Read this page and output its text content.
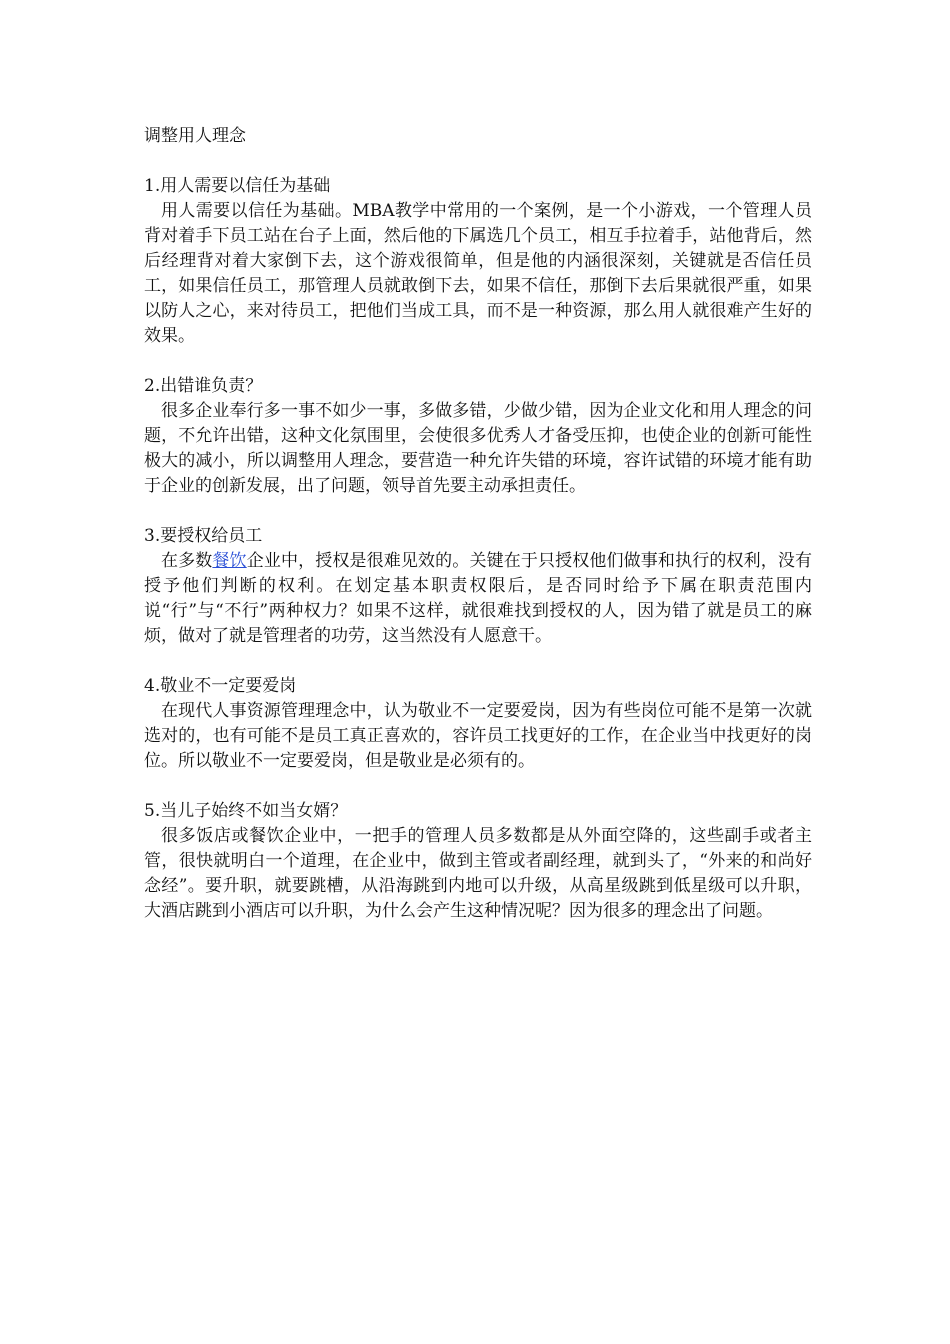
调整用人理念
1.用人需要以信任为基础
用人需要以信任为基础。MBA教学中常用的一个案例，是一个小游戏，一个管理人员背对着手下员工站在台子上面，然后他的下属选几个员工，相互手拉着手，站他背后，然后经理背对着大家倒下去，这个游戏很简单，但是他的内涵很深刻，关键就是否信任员工，如果信任员工，那管理人员就敢倒下去，如果不信任，那倒下去后果就很严重，如果以防人之心，来对待员工，把他们当成工具，而不是一种资源，那么用人就很难产生好的效果。
2.出错谁负责？
很多企业奉行多一事不如少一事，多做多错，少做少错，因为企业文化和用人理念的问题，不允许出错，这种文化氛围里，会使很多优秀人才备受压抑，也使企业的创新可能性极大的减小，所以调整用人理念，要营造一种允许失错的环境，容许试错的环境才能有助于企业的创新发展，出了问题，领导首先要主动承担责任。
3.要授权给员工
在多数餐饮企业中，授权是很难见效的。关键在于只授权他们做事和执行的权利，没有授予他们判断的权利。在划定基本职责权限后，是否同时给予下属在职责范围内说“行”与“不行”两种权力？如果不这样，就很难找到授权的人，因为错了就是员工的麻烦，做对了就是管理者的功劳，这当然没有人愿意干。
4.敬业不一定要爱岗
在现代人事资源管理理念中，认为敬业不一定要爱岗，因为有些岗位可能不是第一次就选对的，也有可能不是员工真正喜欢的，容许员工找更好的工作，在企业当中找更好的岗位。所以敬业不一定要爱岗，但是敬业是必须有的。
5.当儿子始终不如当女婿？
很多饭店或餐饮企业中，一把手的管理人员多数都是从外面空降的，这些副手或者主管，很快就明白一个道理，在企业中，做到主管或者副经理，就到头了，“外来的和尚好念经”。要升职，就要跳槽，从沿海跳到内地可以升级，从高星级跳到低星级可以升职，大酒店跳到小酒店可以升职，为什么会产生这种情况呢？因为很多的理念出了问题。
